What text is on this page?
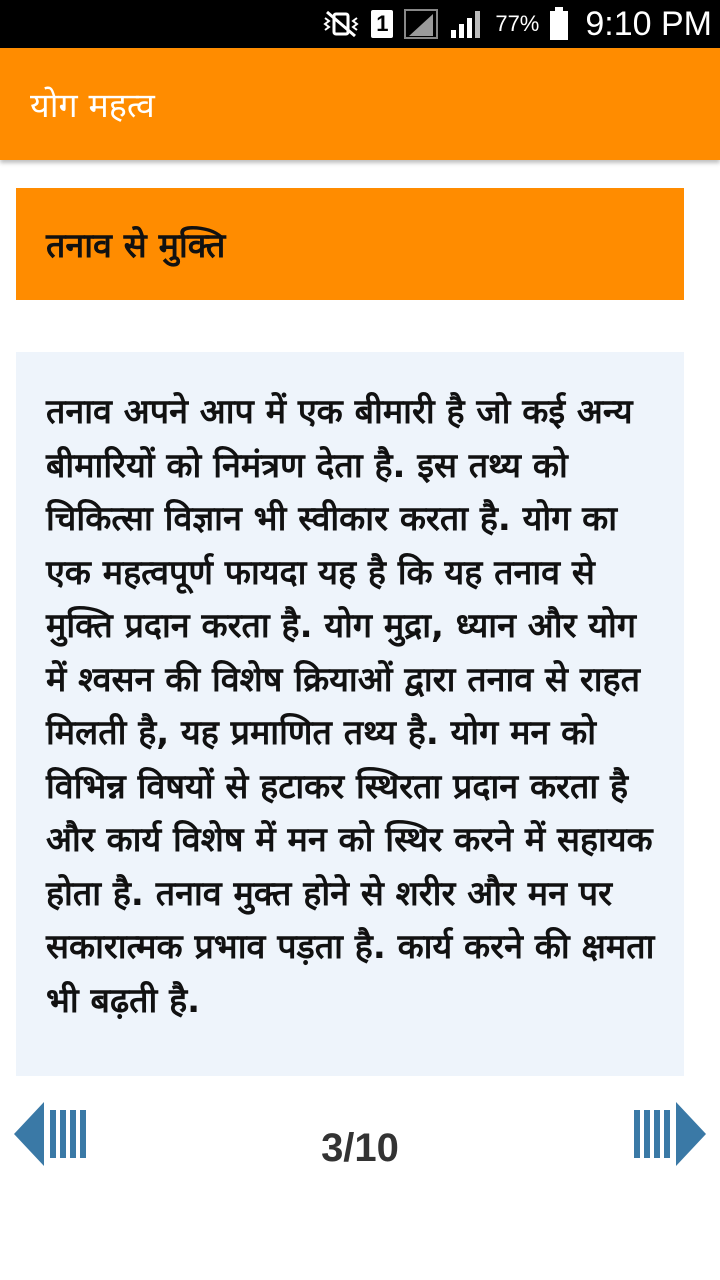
1	77% 9:10 PM
योग महत्व
तनाव से मुक्ति

तनाव अपने आप में एक बीमारी है जो कई अन्य बीमारियों को निमंत्रण देता है. इस तथ्य को चिकित्सा विज्ञान भी स्वीकार करता है. योग का एक महत्वपूर्ण फायदा यह है कि यह तनाव से मुक्ति प्रदान करता है. योग मुद्रा, ध्यान और योग में श्वसन की विशेष क्रियाओं द्वारा तनाव से राहत मिलती है, यह प्रमाणित तथ्य है. योग मन को विभिन्न विषयों से हटाकर स्थिरता प्रदान करता है और कार्य विशेष में मन को स्थिर करने में सहायक होता है. तनाव मुक्त होने से शरीर और मन पर सकारात्मक प्रभाव पड़ता है. कार्य करने की क्षमता भी बढ़ती है.

3/10
